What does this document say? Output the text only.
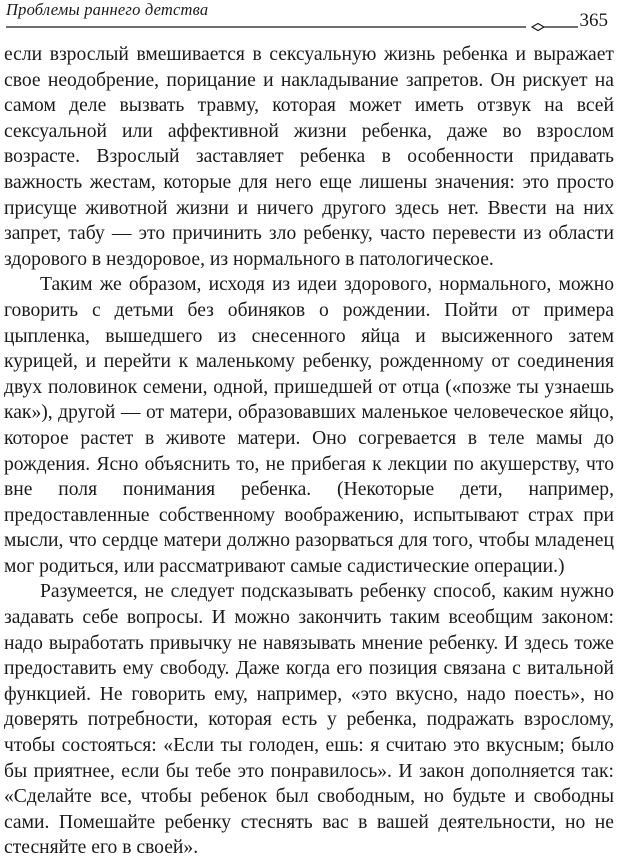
Проблемы раннего детства
365

если взрослый вмешивается в сексуальную жизнь ребенка и выражает свое неодобрение, порицание и накладывание запретов. Он рискует на самом деле вызвать травму, которая может иметь отзвук на всей сексуальной или аффективной жизни ребенка, даже во взрослом возрасте. Взрослый заставляет ребенка в особенности придавать важность жестам, которые для него еще лишены значения: это просто присуще животной жизни и ничего другого здесь нет. Ввести на них запрет, табу — это причинить зло ребенку, часто перевести из области здорового в нездоровое, из нормального в патологическое.

Таким же образом, исходя из идеи здорового, нормального, можно говорить с детьми без обиняков о рождении. Пойти от примера цыпленка, вышедшего из снесенного яйца и высиженного затем курицей, и перейти к маленькому ребенку, рожденному от соединения двух половинок семени, одной, пришедшей от отца («позже ты узнаешь как»), другой — от матери, образовавших маленькое человеческое яйцо, которое растет в животе матери. Оно согревается в теле мамы до рождения. Ясно объяснить то, не прибегая к лекции по акушерству, что вне поля понимания ребенка. (Некоторые дети, например, предоставленные собственному воображению, испытывают страх при мысли, что сердце матери должно разорваться для того, чтобы младенец мог родиться, или рассматривают самые садистические операции.)

Разумеется, не следует подсказывать ребенку способ, каким нужно задавать себе вопросы. И можно закончить таким всеобщим законом: надо выработать привычку не навязывать мнение ребенку. И здесь тоже предоставить ему свободу. Даже когда его позиция связана с витальной функцией. Не говорить ему, например, «это вкусно, надо поесть», но доверять потребности, которая есть у ребенка, подражать взрослому, чтобы состояться: «Если ты голоден, ешь: я считаю это вкусным; было бы приятнее, если бы тебе это понравилось». И закон дополняется так: «Сделайте все, чтобы ребенок был свободным, но будьте и свободны сами. Помешайте ребенку стеснять вас в вашей деятельности, но не стесняйте его в своей».
